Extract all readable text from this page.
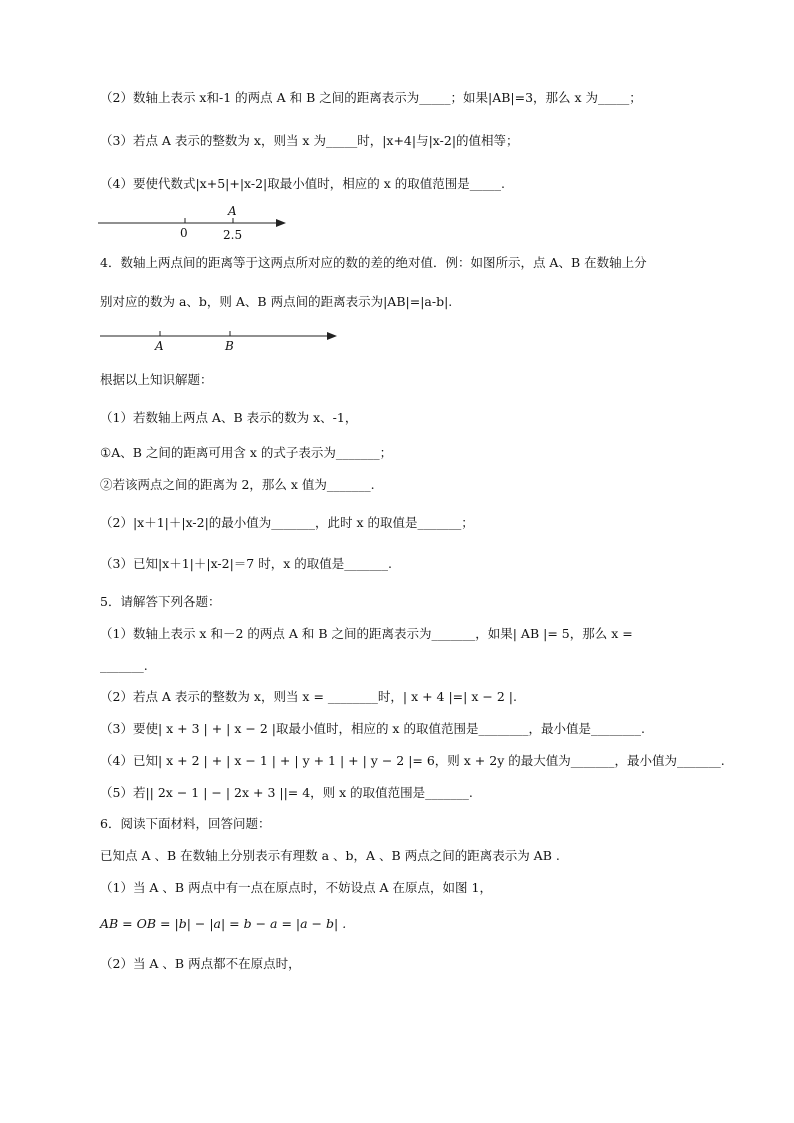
（2）数轴上表示 x和-1 的两点 A 和 B 之间的距离表示为_____；如果|AB|=3，那么 x 为_____；
（3）若点 A 表示的整数为 x，则当 x 为_____时，|x+4|与|x-2|的值相等；
（4）要使代数式|x+5|+|x-2|取最小值时，相应的 x 的取值范围是_____.
0
A
2.5
4．数轴上两点间的距离等于这两点所对应的数的差的绝对值．例：如图所示，点 A、B 在数轴上分
别对应的数为 a、b，则 A、B 两点间的距离表示为|AB|=|a-b|.
A	B
根据以上知识解题：
（1）若数轴上两点 A、B 表示的数为 x、-1，
①A、B 之间的距离可用含 x 的式子表示为_______；
②若该两点之间的距离为 2，那么 x 值为_______.
（2）|x＋1|＋|x-2|的最小值为_______，此时 x 的取值是_______；
（3）已知|x＋1|＋|x-2|＝7 时，x 的取值是_______.
5．请解答下列各题：
（1）数轴上表示 x 和－2 的两点 A 和 B 之间的距离表示为_______，如果| AB |= 5，那么 x =
_______.
（2）若点 A 表示的整数为 x，则当 x = ________时，| x + 4 |=| x − 2 |.
（3）要使| x + 3 | + | x − 2 |取最小值时，相应的 x 的取值范围是________，最小值是________.
（4）已知| x + 2 | + | x − 1 | + | y + 1 | + | y − 2 |= 6，则 x + 2y 的最大值为_______，最小值为_______.
（5）若|| 2x − 1 | − | 2x + 3 ||= 4，则 x 的取值范围是_______.
6．阅读下面材料，回答问题：
已知点 A 、B 在数轴上分别表示有理数 a 、b，A 、B 两点之间的距离表示为 AB .
（1）当 A 、B 两点中有一点在原点时，不妨设点 A 在原点，如图 1，
AB = OB = |b| − |a| = b − a = |a − b| .
（2）当 A 、B 两点都不在原点时，
